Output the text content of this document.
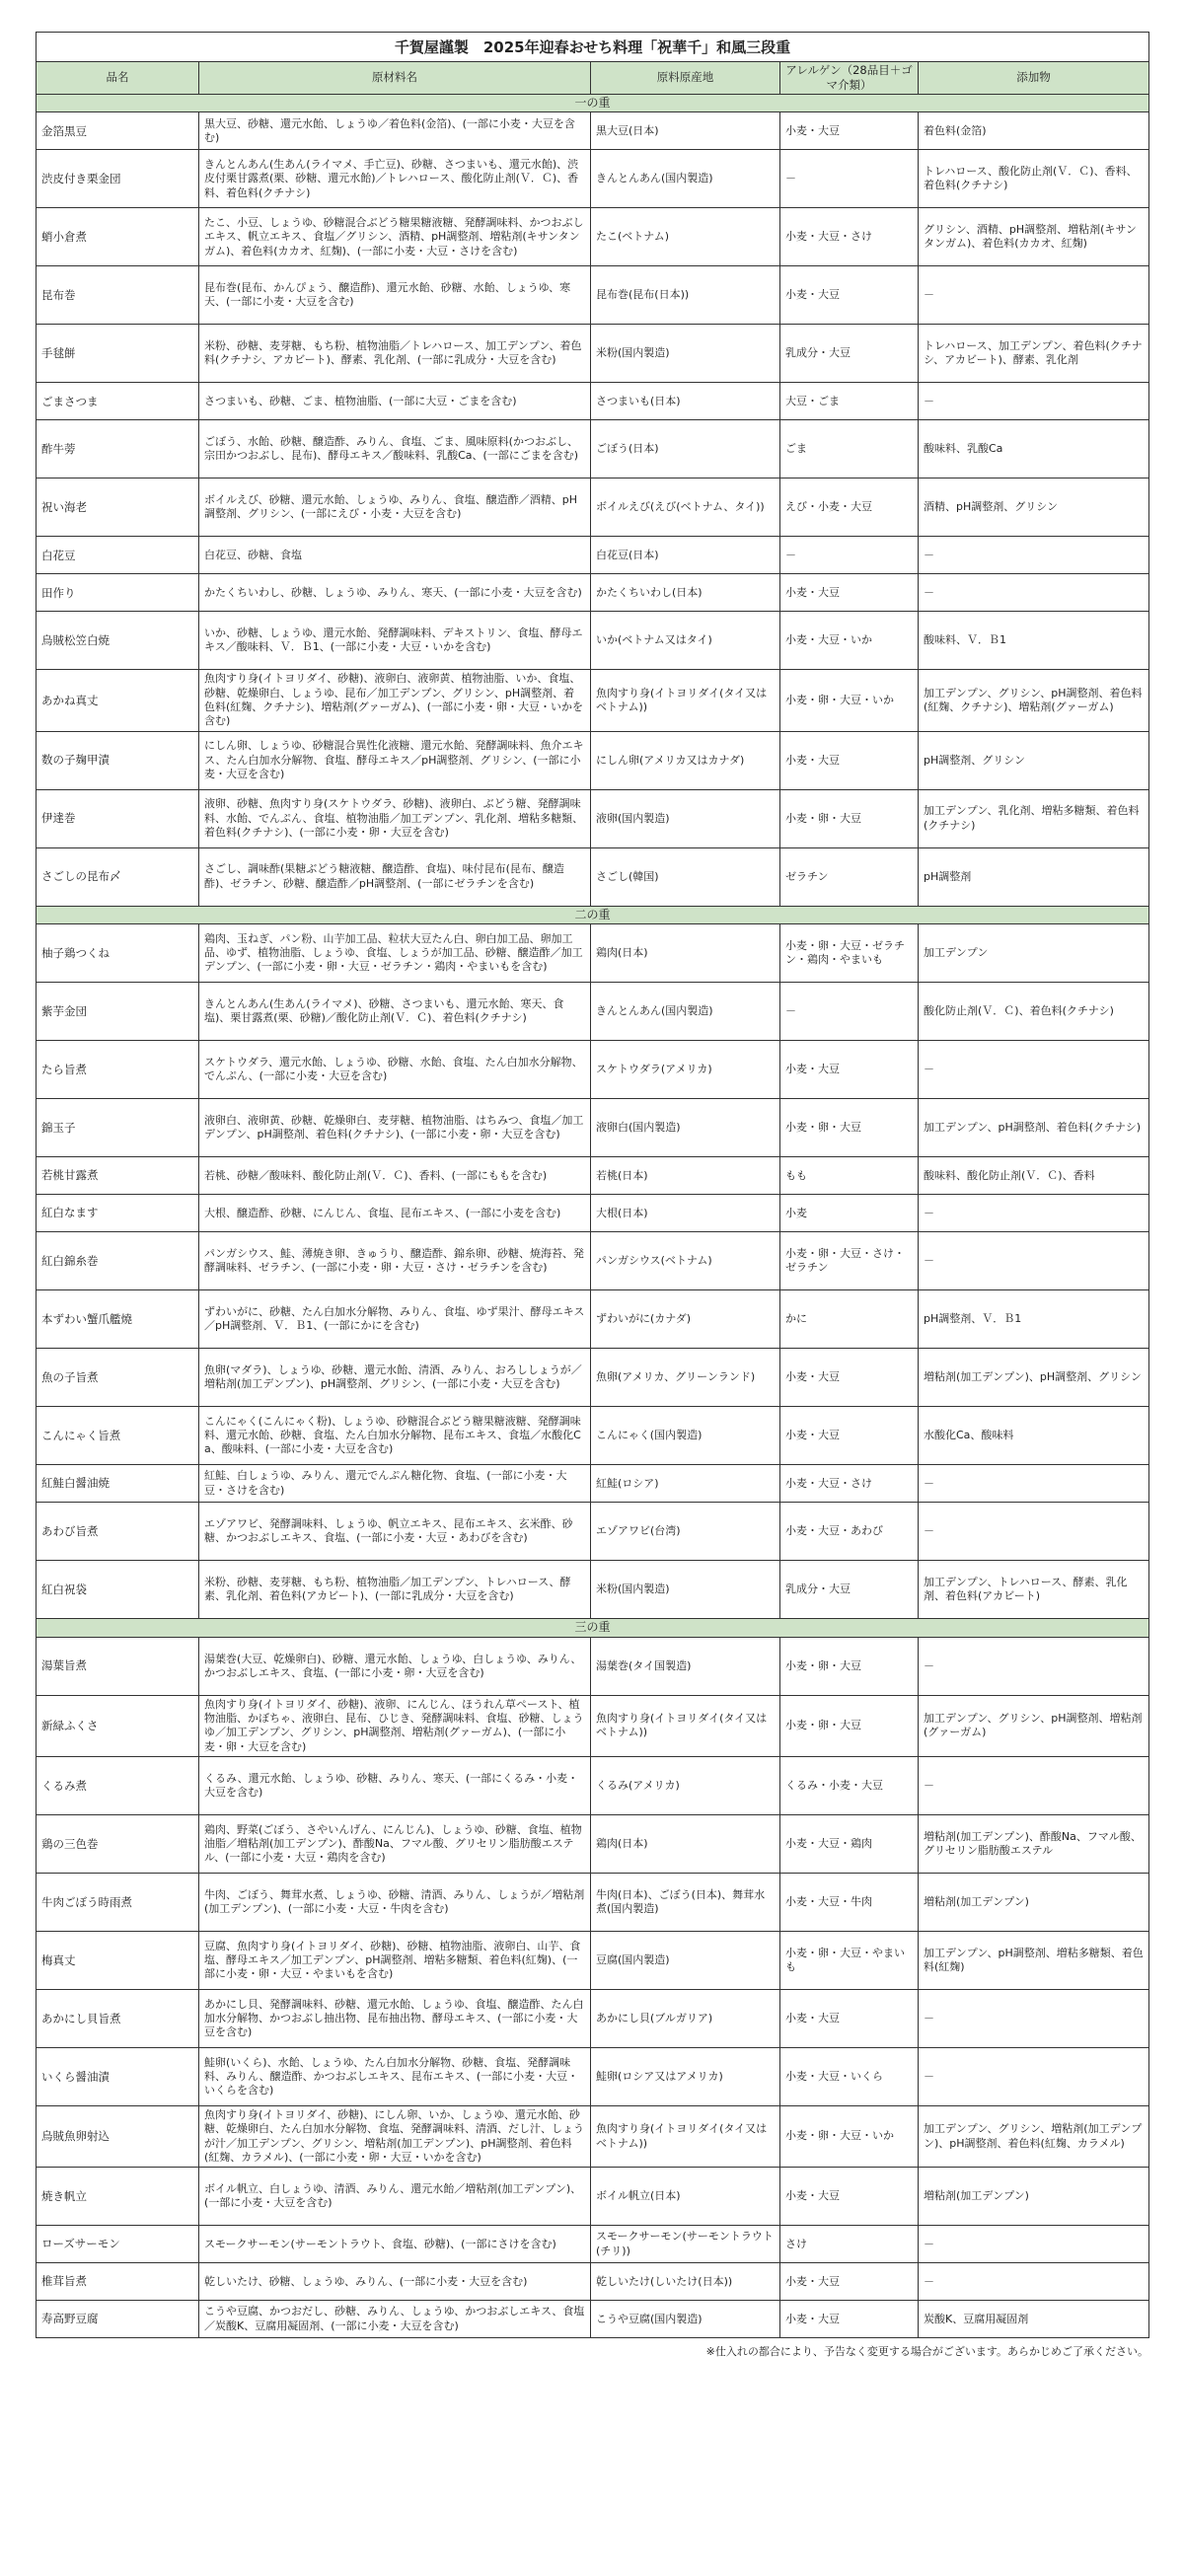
千賀屋謹製　2025年迎春おせち料理「祝華千」和風三段重
品名	原材料名	原料原産地	アレルゲン（28品目＋ゴマ介類）	添加物
一の重				
金箔黒豆	黒大豆、砂糖、還元水飴、しょうゆ／着色料(金箔)、(一部に小麦・大豆を含む)	黒大豆(日本)	小麦・大豆	着色料(金箔)
渋皮付き栗金団	きんとんあん(生あん(ライマメ、手亡豆)、砂糖、さつまいも、還元水飴)、渋皮付栗甘露煮(栗、砂糖、還元水飴)／トレハロース、酸化防止剤(Ｖ．Ｃ)、香料、着色料(クチナシ)	きんとんあん(国内製造)	－	トレハロース、酸化防止剤(Ｖ．Ｃ)、香料、着色料(クチナシ)
蛸小倉煮	たこ、小豆、しょうゆ、砂糖混合ぶどう糖果糖液糖、発酵調味料、かつおぶしエキス、帆立エキス、食塩／グリシン、酒精、pH調整剤、増粘剤(キサンタンガム)、着色料(カカオ、紅麹)、(一部に小麦・大豆・さけを含む)	たこ(ベトナム)	小麦・大豆・さけ	グリシン、酒精、pH調整剤、増粘剤(キサンタンガム)、着色料(カカオ、紅麹)
昆布巻	昆布巻(昆布、かんぴょう、醸造酢)、還元水飴、砂糖、水飴、しょうゆ、寒天、(一部に小麦・大豆を含む)	昆布巻(昆布(日本))	小麦・大豆	－
手毬餅	米粉、砂糖、麦芽糖、もち粉、植物油脂／トレハロース、加工デンプン、着色料(クチナシ、アカビート)、酵素、乳化剤、(一部に乳成分・大豆を含む)	米粉(国内製造)	乳成分・大豆	トレハロース、加工デンプン、着色料(クチナシ、アカビート)、酵素、乳化剤
ごまさつま	さつまいも、砂糖、ごま、植物油脂、(一部に大豆・ごまを含む)	さつまいも(日本)	大豆・ごま	－
酢牛蒡	ごぼう、水飴、砂糖、醸造酢、みりん、食塩、ごま、風味原料(かつおぶし、宗田かつおぶし、昆布)、酵母エキス／酸味料、乳酸Ca、(一部にごまを含む)	ごぼう(日本)	ごま	酸味料、乳酸Ca
祝い海老	ボイルえび、砂糖、還元水飴、しょうゆ、みりん、食塩、醸造酢／酒精、pH調整剤、グリシン、(一部にえび・小麦・大豆を含む)	ボイルえび(えび(ベトナム、タイ))	えび・小麦・大豆	酒精、pH調整剤、グリシン
白花豆	白花豆、砂糖、食塩	白花豆(日本)	－	－
田作り	かたくちいわし、砂糖、しょうゆ、みりん、寒天、(一部に小麦・大豆を含む)	かたくちいわし(日本)	小麦・大豆	－
烏賊松笠白焼	いか、砂糖、しょうゆ、還元水飴、発酵調味料、デキストリン、食塩、酵母エキス／酸味料、Ｖ．Ｂ1、(一部に小麦・大豆・いかを含む)	いか(ベトナム又はタイ)	小麦・大豆・いか	酸味料、Ｖ．Ｂ1
あかね真丈	魚肉すり身(イトヨリダイ、砂糖)、液卵白、液卵黄、植物油脂、いか、食塩、砂糖、乾燥卵白、しょうゆ、昆布／加工デンプン、グリシン、pH調整剤、着色料(紅麹、クチナシ)、増粘剤(グァーガム)、(一部に小麦・卵・大豆・いかを含む)	魚肉すり身(イトヨリダイ(タイ又はベトナム))	小麦・卵・大豆・いか	加工デンプン、グリシン、pH調整剤、着色料(紅麹、クチナシ)、増粘剤(グァーガム)
数の子麹甲漬	にしん卵、しょうゆ、砂糖混合異性化液糖、還元水飴、発酵調味料、魚介エキス、たん白加水分解物、食塩、酵母エキス／pH調整剤、グリシン、(一部に小麦・大豆を含む)	にしん卵(アメリカ又はカナダ)	小麦・大豆	pH調整剤、グリシン
伊達巻	液卵、砂糖、魚肉すり身(スケトウダラ、砂糖)、液卵白、ぶどう糖、発酵調味料、水飴、でんぷん、食塩、植物油脂／加工デンプン、乳化剤、増粘多糖類、着色料(クチナシ)、(一部に小麦・卵・大豆を含む)	液卵(国内製造)	小麦・卵・大豆	加工デンプン、乳化剤、増粘多糖類、着色料(クチナシ)
さごしの昆布〆	さごし、調味酢(果糖ぶどう糖液糖、醸造酢、食塩)、味付昆布(昆布、醸造酢)、ゼラチン、砂糖、醸造酢／pH調整剤、(一部にゼラチンを含む)	さごし(韓国)	ゼラチン	pH調整剤
二の重				
柚子鶏つくね	鶏肉、玉ねぎ、パン粉、山芋加工品、粒状大豆たん白、卵白加工品、卵加工品、ゆず、植物油脂、しょうゆ、食塩、しょうが加工品、砂糖、醸造酢／加工デンプン、(一部に小麦・卵・大豆・ゼラチン・鶏肉・やまいもを含む)	鶏肉(日本)	小麦・卵・大豆・ゼラチン・鶏肉・やまいも	加工デンプン
紫芋金団	きんとんあん(生あん(ライマメ)、砂糖、さつまいも、還元水飴、寒天、食塩)、栗甘露煮(栗、砂糖)／酸化防止剤(Ｖ．Ｃ)、着色料(クチナシ)	きんとんあん(国内製造)	－	酸化防止剤(Ｖ．Ｃ)、着色料(クチナシ)
たら旨煮	スケトウダラ、還元水飴、しょうゆ、砂糖、水飴、食塩、たん白加水分解物、でんぷん、(一部に小麦・大豆を含む)	スケトウダラ(アメリカ)	小麦・大豆	－
錦玉子	液卵白、液卵黄、砂糖、乾燥卵白、麦芽糖、植物油脂、はちみつ、食塩／加工デンプン、pH調整剤、着色料(クチナシ)、(一部に小麦・卵・大豆を含む)	液卵白(国内製造)	小麦・卵・大豆	加工デンプン、pH調整剤、着色料(クチナシ)
若桃甘露煮	若桃、砂糖／酸味料、酸化防止剤(Ｖ．Ｃ)、香料、(一部にももを含む)	若桃(日本)	もも	酸味料、酸化防止剤(Ｖ．Ｃ)、香料
紅白なます	大根、醸造酢、砂糖、にんじん、食塩、昆布エキス、(一部に小麦を含む)	大根(日本)	小麦	－
紅白錦糸巻	パンガシウス、鮭、薄焼き卵、きゅうり、醸造酢、錦糸卵、砂糖、焼海苔、発酵調味料、ゼラチン、(一部に小麦・卵・大豆・さけ・ゼラチンを含む)	パンガシウス(ベトナム)	小麦・卵・大豆・さけ・ゼラチン	－
本ずわい蟹爪艦燒	ずわいがに、砂糖、たん白加水分解物、みりん、食塩、ゆず果汁、酵母エキス／pH調整剤、Ｖ．Ｂ1、(一部にかにを含む)	ずわいがに(カナダ)	かに	pH調整剤、Ｖ．Ｂ1
魚の子旨煮	魚卵(マダラ)、しょうゆ、砂糖、還元水飴、清酒、みりん、おろししょうが／増粘剤(加工デンプン)、pH調整剤、グリシン、(一部に小麦・大豆を含む)	魚卵(アメリカ、グリーンランド)	小麦・大豆	増粘剤(加工デンプン)、pH調整剤、グリシン
こんにゃく旨煮	こんにゃく(こんにゃく粉)、しょうゆ、砂糖混合ぶどう糖果糖液糖、発酵調味料、還元水飴、砂糖、食塩、たん白加水分解物、昆布エキス、食塩／水酸化Ca、酸味料、(一部に小麦・大豆を含む)	こんにゃく(国内製造)	小麦・大豆	水酸化Ca、酸味料
紅鮭白醤油焼	紅鮭、白しょうゆ、みりん、還元でんぷん糖化物、食塩、(一部に小麦・大豆・さけを含む)	紅鮭(ロシア)	小麦・大豆・さけ	－
あわび旨煮	エゾアワビ、発酵調味料、しょうゆ、帆立エキス、昆布エキス、玄米酢、砂糖、かつおぶしエキス、食塩、(一部に小麦・大豆・あわびを含む)	エゾアワビ(台湾)	小麦・大豆・あわび	－
紅白祝袋	米粉、砂糖、麦芽糖、もち粉、植物油脂／加工デンプン、トレハロース、酵素、乳化剤、着色料(アカビート)、(一部に乳成分・大豆を含む)	米粉(国内製造)	乳成分・大豆	加工デンプン、トレハロース、酵素、乳化剤、着色料(アカビート)
三の重				
湯葉旨煮	湯葉巻(大豆、乾燥卵白)、砂糖、還元水飴、しょうゆ、白しょうゆ、みりん、かつおぶしエキス、食塩、(一部に小麦・卵・大豆を含む)	湯葉巻(タイ国製造)	小麦・卵・大豆	－
新緑ふくさ	魚肉すり身(イトヨリダイ、砂糖)、液卵、にんじん、ほうれん草ペースト、植物油脂、かぼちゃ、液卵白、昆布、ひじき、発酵調味料、食塩、砂糖、しょうゆ／加工デンプン、グリシン、pH調整剤、増粘剤(グァーガム)、(一部に小麦・卵・大豆を含む)	魚肉すり身(イトヨリダイ(タイ又はベトナム))	小麦・卵・大豆	加工デンプン、グリシン、pH調整剤、増粘剤(グァーガム)
くるみ煮	くるみ、還元水飴、しょうゆ、砂糖、みりん、寒天、(一部にくるみ・小麦・大豆を含む)	くるみ(アメリカ)	くるみ・小麦・大豆	－
鶏の三色巻	鶏肉、野菜(ごぼう、さやいんげん、にんじん)、しょうゆ、砂糖、食塩、植物油脂／増粘剤(加工デンプン)、酢酸Na、フマル酸、グリセリン脂肪酸エステル、(一部に小麦・大豆・鶏肉を含む)	鶏肉(日本)	小麦・大豆・鶏肉	増粘剤(加工デンプン)、酢酸Na、フマル酸、グリセリン脂肪酸エステル
牛肉ごぼう時雨煮	牛肉、ごぼう、舞茸水煮、しょうゆ、砂糖、清酒、みりん、しょうが／増粘剤(加工デンプン)、(一部に小麦・大豆・牛肉を含む)	牛肉(日本)、ごぼう(日本)、舞茸水煮(国内製造)	小麦・大豆・牛肉	増粘剤(加工デンプン)
梅真丈	豆腐、魚肉すり身(イトヨリダイ、砂糖)、砂糖、植物油脂、液卵白、山芋、食塩、酵母エキス／加工デンプン、pH調整剤、増粘多糖類、着色料(紅麹)、(一部に小麦・卵・大豆・やまいもを含む)	豆腐(国内製造)	小麦・卵・大豆・やまいも	加工デンプン、pH調整剤、増粘多糖類、着色料(紅麹)
あかにし貝旨煮	あかにし貝、発酵調味料、砂糖、還元水飴、しょうゆ、食塩、醸造酢、たん白加水分解物、かつおぶし抽出物、昆布抽出物、酵母エキス、(一部に小麦・大豆を含む)	あかにし貝(ブルガリア)	小麦・大豆	－
いくら醤油漬	鮭卵(いくら)、水飴、しょうゆ、たん白加水分解物、砂糖、食塩、発酵調味料、みりん、醸造酢、かつおぶしエキス、昆布エキス、(一部に小麦・大豆・いくらを含む)	鮭卵(ロシア又はアメリカ)	小麦・大豆・いくら	－
烏賊魚卵射込	魚肉すり身(イトヨリダイ、砂糖)、にしん卵、いか、しょうゆ、還元水飴、砂糖、乾燥卵白、たん白加水分解物、食塩、発酵調味料、清酒、だし汁、しょうが汁／加工デンプン、グリシン、増粘剤(加工デンプン)、pH調整剤、着色料(紅麹、カラメル)、(一部に小麦・卵・大豆・いかを含む)	魚肉すり身(イトヨリダイ(タイ又はベトナム))	小麦・卵・大豆・いか	加工デンプン、グリシン、増粘剤(加工デンプン)、pH調整剤、着色料(紅麹、カラメル)
焼き帆立	ボイル帆立、白しょうゆ、清酒、みりん、還元水飴／増粘剤(加工デンプン)、(一部に小麦・大豆を含む)	ボイル帆立(日本)	小麦・大豆	増粘剤(加工デンプン)
ローズサーモン	スモークサーモン(サーモントラウト、食塩、砂糖)、(一部にさけを含む)	スモークサーモン(サーモントラウト(チリ))	さけ	－
椎茸旨煮	乾しいたけ、砂糖、しょうゆ、みりん、(一部に小麦・大豆を含む)	乾しいたけ(しいたけ(日本))	小麦・大豆	－
寿高野豆腐	こうや豆腐、かつおだし、砂糖、みりん、しょうゆ、かつおぶしエキス、食塩／炭酸K、豆腐用凝固剤、(一部に小麦・大豆を含む)	こうや豆腐(国内製造)	小麦・大豆	炭酸K、豆腐用凝固剤
※仕入れの都合により、予告なく変更する場合がございます。あらかじめご了承ください。
